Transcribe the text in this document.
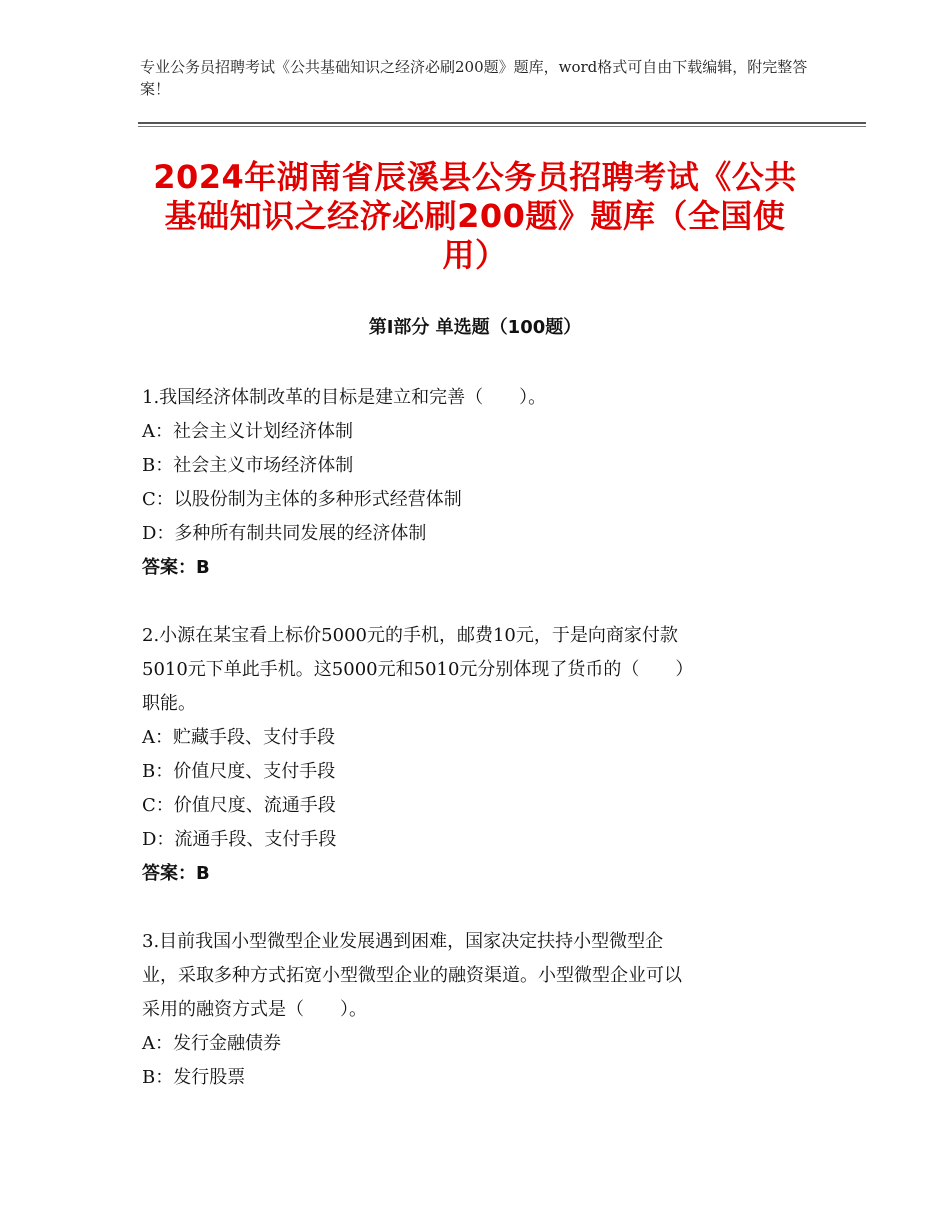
专业公务员招聘考试《公共基础知识之经济必刷200题》题库，word格式可自由下载编辑，附完整答案！
2024年湖南省辰溪县公务员招聘考试《公共
基础知识之经济必刷200题》题库（全国使
用）
第Ⅰ部分 单选题（100题）
1.我国经济体制改革的目标是建立和完善（　　）。
A：社会主义计划经济体制
B：社会主义市场经济体制
C：以股份制为主体的多种形式经营体制
D：多种所有制共同发展的经济体制
答案：B
2.小源在某宝看上标价5000元的手机，邮费10元，于是向商家付款
5010元下单此手机。这5000元和5010元分别体现了货币的（　　）
职能。
A：贮藏手段、支付手段
B：价值尺度、支付手段
C：价值尺度、流通手段
D：流通手段、支付手段
答案：B
3.目前我国小型微型企业发展遇到困难，国家决定扶持小型微型企
业，采取多种方式拓宽小型微型企业的融资渠道。小型微型企业可以
采用的融资方式是（　　）。
A：发行金融债券
B：发行股票
